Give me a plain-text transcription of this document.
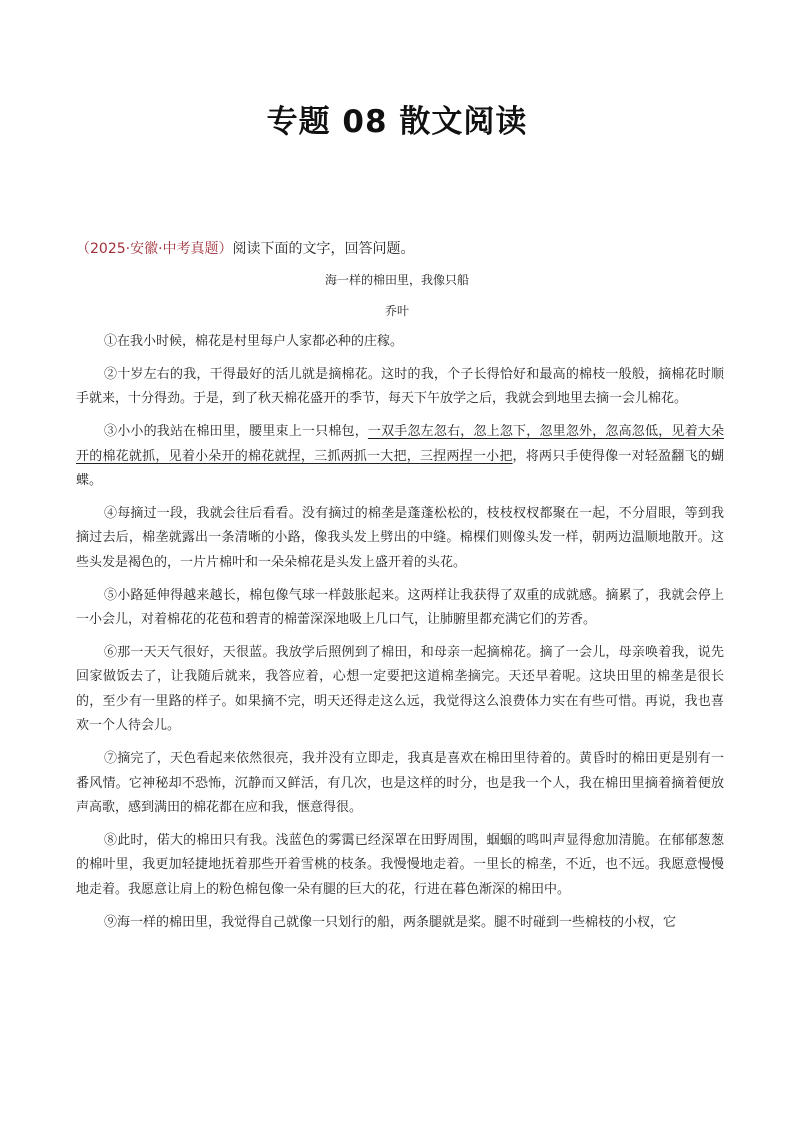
专题 08 散文阅读
（2025·安徽·中考真题）阅读下面的文字，回答问题。
海一样的棉田里，我像只船
乔叶

①在我小时候，棉花是村里每户人家都必种的庄稼。

②十岁左右的我，干得最好的活儿就是摘棉花。这时的我，个子长得恰好和最高的棉枝一般般，摘棉花时顺手就来，十分得劲。于是，到了秋天棉花盛开的季节，每天下午放学之后，我就会到地里去摘一会儿棉花。

③小小的我站在棉田里，腰里束上一只棉包，一双手忽左忽右，忽上忽下，忽里忽外，忽高忽低，见着大朵开的棉花就抓，见着小朵开的棉花就捏，三抓两抓一大把，三捏两捏一小把，将两只手使得像一对轻盈翻飞的蝴蝶。

④每摘过一段，我就会往后看看。没有摘过的棉垄是蓬蓬松松的，枝枝杈杈都聚在一起，不分眉眼，等到我摘过去后，棉垄就露出一条清晰的小路，像我头发上劈出的中缝。棉棵们则像头发一样，朝两边温顺地散开。这些头发是褐色的，一片片棉叶和一朵朵棉花是头发上盛开着的头花。

⑤小路延伸得越来越长，棉包像气球一样鼓胀起来。这两样让我获得了双重的成就感。摘累了，我就会停上一小会儿，对着棉花的花苞和碧青的棉蕾深深地吸上几口气，让肺腑里都充满它们的芳香。

⑥那一天天气很好，天很蓝。我放学后照例到了棉田，和母亲一起摘棉花。摘了一会儿，母亲唤着我，说先回家做饭去了，让我随后就来，我答应着，心想一定要把这道棉垄摘完。天还早着呢。这块田里的棉垄是很长的，至少有一里路的样子。如果摘不完，明天还得走这么远，我觉得这么浪费体力实在有些可惜。再说，我也喜欢一个人待会儿。

⑦摘完了，天色看起来依然很亮，我并没有立即走，我真是喜欢在棉田里待着的。黄昏时的棉田更是别有一番风情。它神秘却不恐怖，沉静而又鲜活，有几次，也是这样的时分，也是我一个人，我在棉田里摘着摘着便放声高歌，感到满田的棉花都在应和我，惬意得很。

⑧此时，偌大的棉田只有我。浅蓝色的雾霭已经深罩在田野周围，蝈蝈的鸣叫声显得愈加清脆。在郁郁葱葱的棉叶里，我更加轻捷地抚着那些开着雪桃的枝条。我慢慢地走着。一里长的棉垄，不近，也不远。我愿意慢慢地走着。我愿意让肩上的粉色棉包像一朵有腿的巨大的花，行进在暮色渐深的棉田中。

⑨海一样的棉田里，我觉得自己就像一只划行的船，两条腿就是桨。腿不时碰到一些棉枝的小杈，它
